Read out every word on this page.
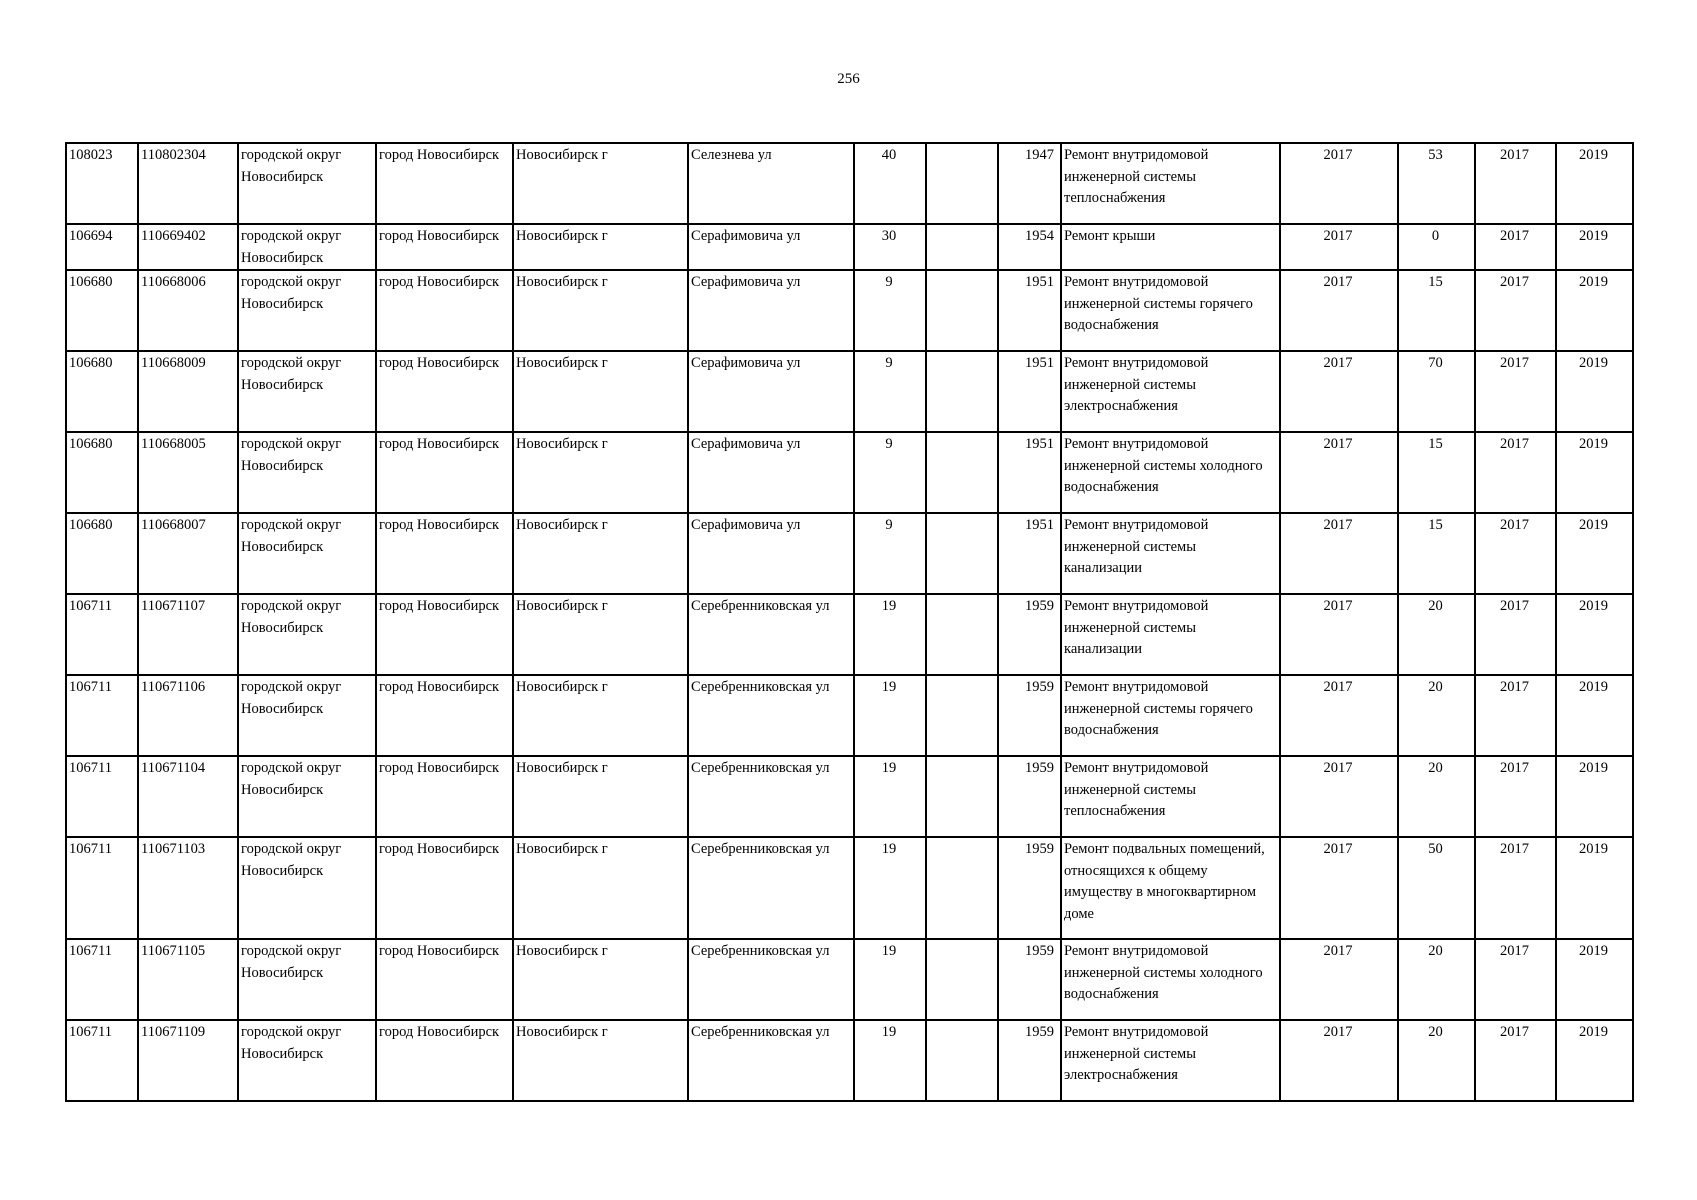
256
108023	110802304	городской округ Новосибирск	город Новосибирск	Новосибирск г	Селезнева ул	40		1947	Ремонт внутридомовой инженерной системы теплоснабжения	2017	53	2017	2019
106694	110669402	городской округ Новосибирск	город Новосибирск	Новосибирск г	Серафимовича ул	30		1954	Ремонт крыши	2017	0	2017	2019
106680	110668006	городской округ Новосибирск	город Новосибирск	Новосибирск г	Серафимовича ул	9		1951	Ремонт внутридомовой инженерной системы горячего водоснабжения	2017	15	2017	2019
106680	110668009	городской округ Новосибирск	город Новосибирск	Новосибирск г	Серафимовича ул	9		1951	Ремонт внутридомовой инженерной системы электроснабжения	2017	70	2017	2019
106680	110668005	городской округ Новосибирск	город Новосибирск	Новосибирск г	Серафимовича ул	9		1951	Ремонт внутридомовой инженерной системы холодного водоснабжения	2017	15	2017	2019
106680	110668007	городской округ Новосибирск	город Новосибирск	Новосибирск г	Серафимовича ул	9		1951	Ремонт внутридомовой инженерной системы канализации	2017	15	2017	2019
106711	110671107	городской округ Новосибирск	город Новосибирск	Новосибирск г	Серебренниковская ул	19		1959	Ремонт внутридомовой инженерной системы канализации	2017	20	2017	2019
106711	110671106	городской округ Новосибирск	город Новосибирск	Новосибирск г	Серебренниковская ул	19		1959	Ремонт внутридомовой инженерной системы горячего водоснабжения	2017	20	2017	2019
106711	110671104	городской округ Новосибирск	город Новосибирск	Новосибирск г	Серебренниковская ул	19		1959	Ремонт внутридомовой инженерной системы теплоснабжения	2017	20	2017	2019
106711	110671103	городской округ Новосибирск	город Новосибирск	Новосибирск г	Серебренниковская ул	19		1959	Ремонт подвальных помещений, относящихся к общему имуществу в многоквартирном доме	2017	50	2017	2019
106711	110671105	городской округ Новосибирск	город Новосибирск	Новосибирск г	Серебренниковская ул	19		1959	Ремонт внутридомовой инженерной системы холодного водоснабжения	2017	20	2017	2019
106711	110671109	городской округ Новосибирск	город Новосибирск	Новосибирск г	Серебренниковская ул	19		1959	Ремонт внутридомовой инженерной системы электроснабжения	2017	20	2017	2019
